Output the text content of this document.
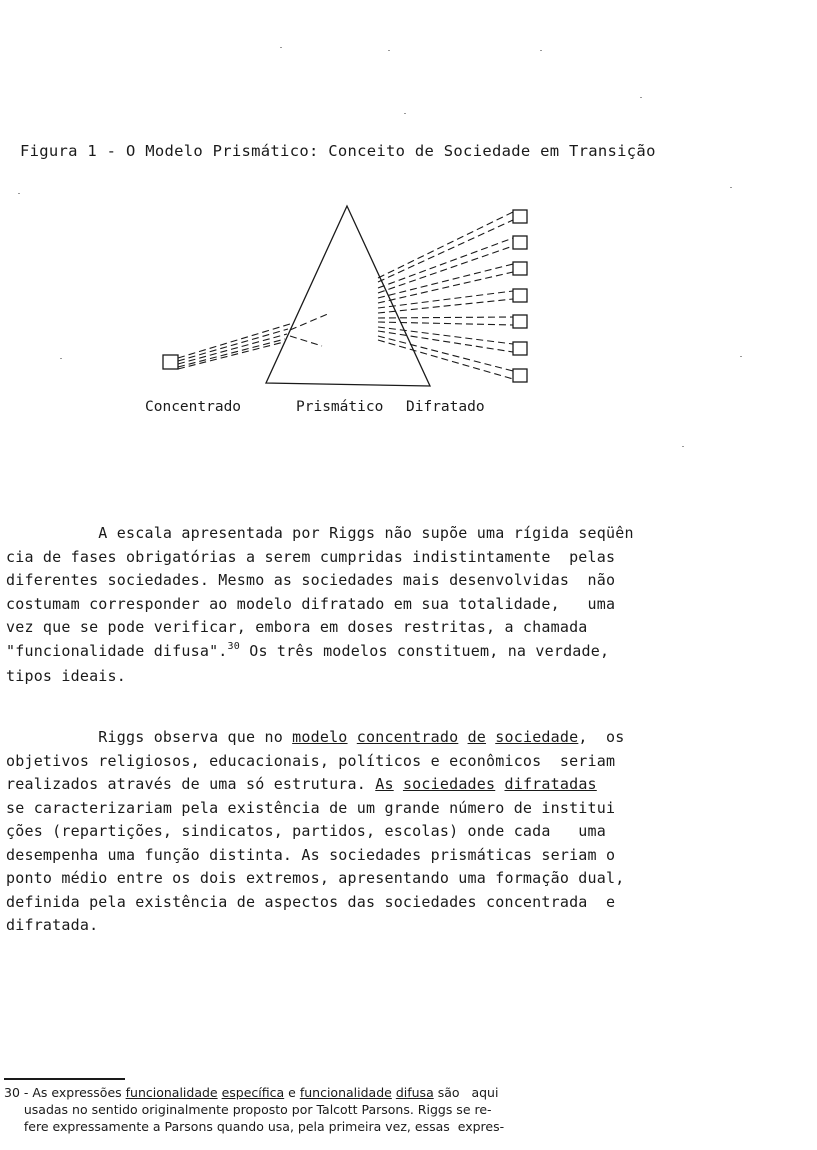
Figura 1 - O Modelo Prismático: Conceito de Sociedade em Transição
Concentrado	Prismático Difratado
A escala apresentada por Riggs não supõe uma rígida seqüên
cia de fases obrigatórias a serem cumpridas indistintamente  pelas
diferentes sociedades. Mesmo as sociedades mais desenvolvidas  não
costumam corresponder ao modelo difratado em sua totalidade,   uma
vez que se pode verificar, embora em doses restritas, a chamada
"funcionalidade difusa".$^{30}$ Os três modelos constituem, na verdade,
tipos ideais.
Riggs observa que no modelo concentrado de sociedade,  os
objetivos religiosos, educacionais, políticos e econômicos  seriam
realizados através de uma só estrutura. As sociedades difratadas
se caracterizariam pela existência de um grande número de institui
ções (repartições, sindicatos, partidos, escolas) onde cada   uma
desempenha uma função distinta. As sociedades prismáticas seriam o
ponto médio entre os dois extremos, apresentando uma formação dual,
definida pela existência de aspectos das sociedades concentrada  e
difratada.
30 - As expressões funcionalidade específica e funcionalidade difusa são   aqui
usadas no sentido originalmente proposto por Talcott Parsons. Riggs se re-
fere expressamente a Parsons quando usa, pela primeira vez, essas  expres-
